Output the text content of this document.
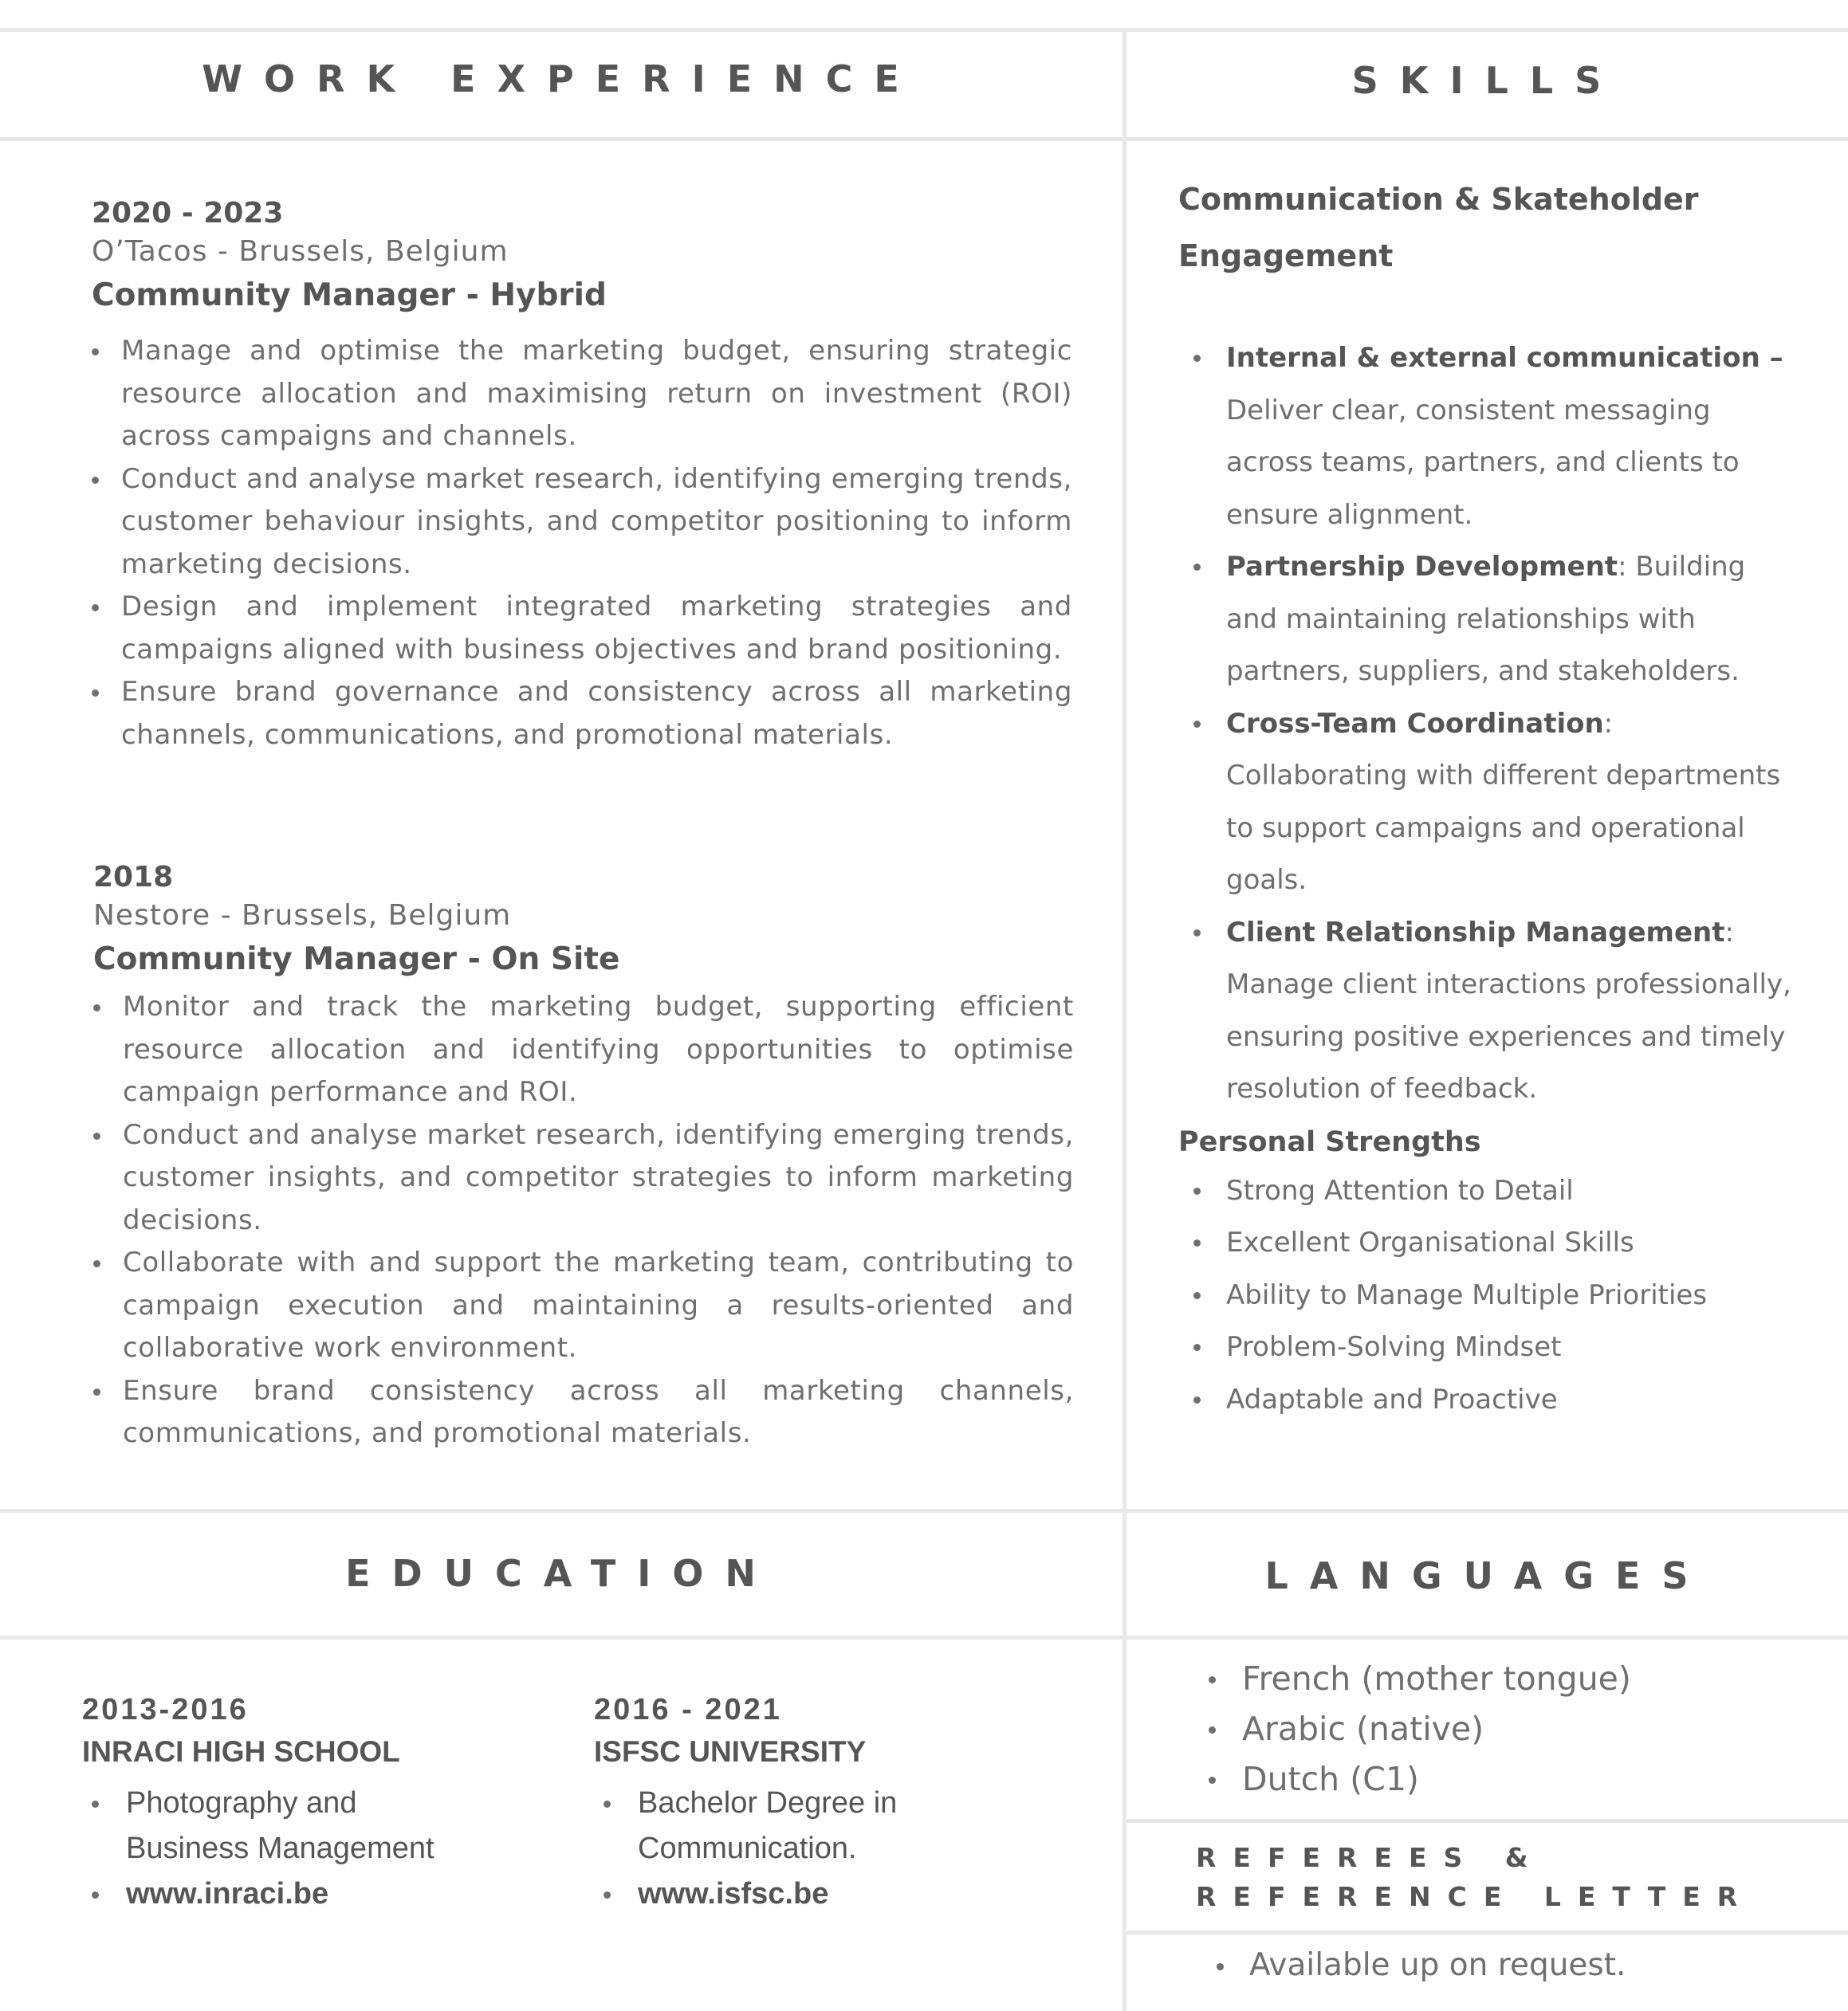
WORK EXPERIENCE	SKILLS
EDUCATION	LANGUAGES
REFEREES &
REFERENCE LETTER
2020 - 2023
O’Tacos - Brussels, Belgium
Community Manager - Hybrid
Manage and optimise the marketing budget, ensuring strategic resource allocation and maximising return on investment (ROI) across campaigns and channels.
Conduct and analyse market research, identifying emerging trends, customer behaviour insights, and competitor positioning to inform marketing decisions.
Design and implement integrated marketing strategies and campaigns aligned with business objectives and brand positioning.
Ensure brand governance and consistency across all marketing channels, communications, and promotional materials.
2018
Nestore - Brussels, Belgium
Community Manager - On Site
Monitor and track the marketing budget, supporting efficient resource allocation and identifying opportunities to optimise campaign performance and ROI.
Conduct and analyse market research, identifying emerging trends, customer insights, and competitor strategies to inform marketing decisions.
Collaborate with and support the marketing team, contributing to campaign execution and maintaining a results-oriented and collaborative work environment.
Ensure brand consistency across all marketing channels, communications, and promotional materials.
Communication & Skateholder
Engagement
Internal & external communication – Deliver clear, consistent messaging across teams, partners, and clients to ensure alignment.
Partnership Development: Building and maintaining relationships with partners, suppliers, and stakeholders.
Cross-Team Coordination: Collaborating with different departments to support campaigns and operational goals.
Client Relationship Management: Manage client interactions professionally, ensuring positive experiences and timely resolution of feedback.
Personal Strengths
Strong Attention to Detail
Excellent Organisational Skills
Ability to Manage Multiple Priorities
Problem-Solving Mindset
Adaptable and Proactive
2013-2016
INRACI HIGH SCHOOL
Photography and Business Management
www.inraci.be
2016 - 2021
ISFSC UNIVERSITY
Bachelor Degree in Communication.
www.isfsc.be
French (mother tongue)
Arabic (native)
Dutch (C1)
Available up on request.
